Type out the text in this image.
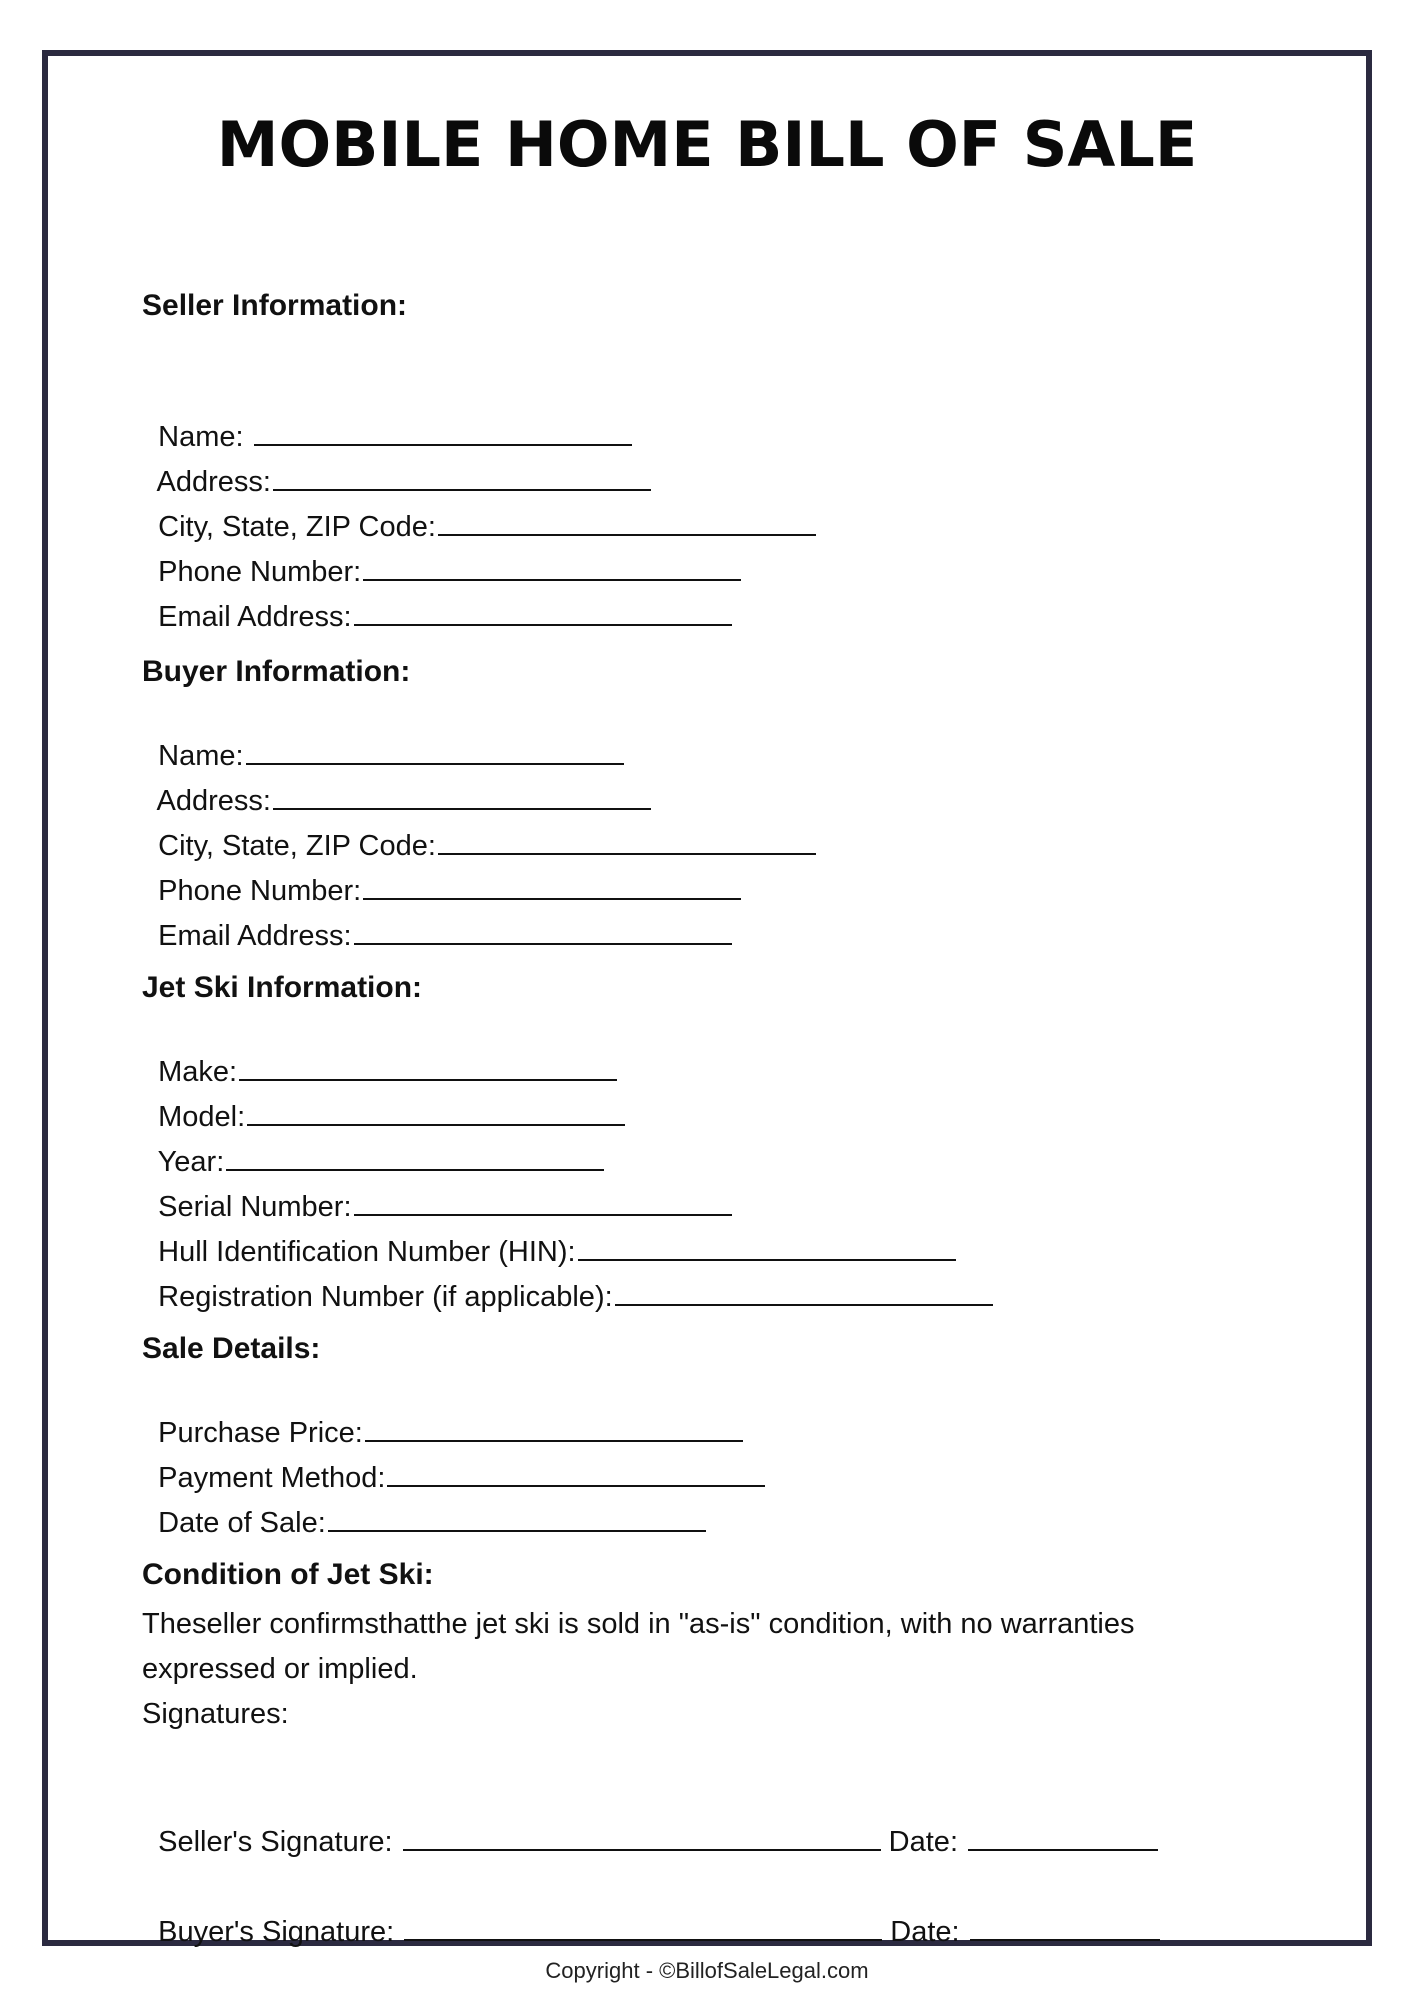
MOBILE HOME BILL OF SALE
Seller Information:

Name:

Address:

City, State, ZIP Code:

Phone Number:

Email Address:

Buyer Information:

Name:

Address:

City, State, ZIP Code:

Phone Number:

Email Address:

Jet Ski Information:

Make:

Model:

Year:

Serial Number:

Hull Identification Number (HIN):

Registration Number (if applicable):

Sale Details:

Purchase Price:

Payment Method:

Date of Sale:

Condition of Jet Ski:
Theseller confirmsthatthe jet ski is sold in "as-is" condition, with no warranties
expressed or implied.
Signatures:

Seller's Signature:	Date:

Buyer's Signature:	Date:

Copyright - ©BillofSaleLegal.com
